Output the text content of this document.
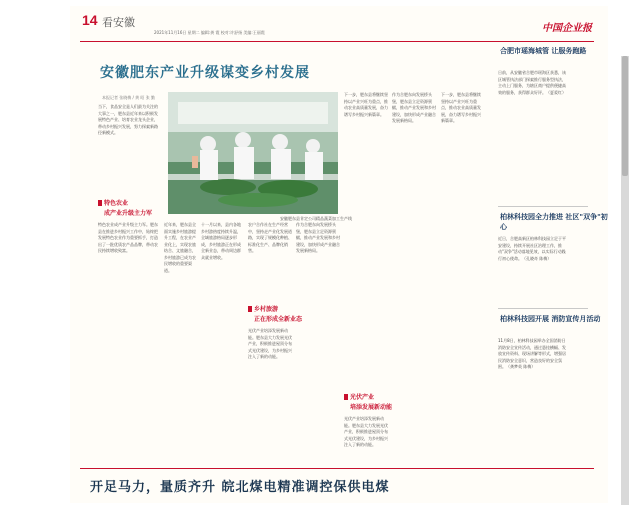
14 看安徽
2021年11月16日 星期二 编辑:龚 霞 校对:许舒扬 美编:王丽霞	中国企业报
安徽肥东产业升级谋变乡村发展
本报记者 张晓梅 / 黄 昭 张 勤
当下，食品安全是人们最为关注的大事之一，肥东县近年来以积极发展特色产业、培育农业龙头企业，带动乡村振兴发展，努力探索新路径新模式。
特色农业
成产业升级主力军
特色农业成产业升级主力军。肥东县在推进乡村振兴工作中，始终把发展特色农业作为重要抓手，打造出了一批优质农产品品牌，带动农民持续增收致富。
安徽肥东县肯定公司精品蔬菜加工生产线
近年来，肥东县全面实施乡村旅游提升工程，在农业产业化上，实现农旅结合、文旅融合，乡村旅游已成为农民增收的重要渠道。
十一月以来，县内各地乡村游热度持续升温，全域旅游格局逐步形成，乡村旅游正在形成全新业态，带动周边群众就业增收。
农户合作社在生产经营中，坚持走产业化发展道路，实现了规模化种植、标准化生产、品牌化销售。
乡村旅游
正在形成全新业态
光伏产业培添发展新动能。肥东县大力发展光伏产业，积极推进屋顶分布式光伏建设，为乡村振兴注入了新的动能。
作为合肥东向发展桥头堡，肥东县立足资源禀赋，推动产业发展和乡村建设，加快形成产业融合发展新格局。
下一步，肥东县将继续坚持以产业兴旺为重点，推动农业高质量发展，奋力谱写乡村振兴新篇章。
光伏产业
培添发展新动能
光伏产业培添发展新动能。肥东县大力发展光伏产业，积极推进屋顶分布式光伏建设，为乡村振兴注入了新的动能。
作为合肥东向发展桥头堡，肥东县立足资源禀赋，推动产业发展和乡村建设，加快形成产业融合发展新格局。
下一步，肥东县将继续坚持以产业兴旺为重点，推动农业高质量发展，奋力谱写乡村振兴新篇章。
合肥市瑶海城管 让服务跑路
日前，从安徽省合肥市瑶海区获悉，该区城管执法部门探索推行服务型执法，主动上门服务，为辖区商户提供便捷高效的服务，获得群众好评。（夏爱红）
柏林科技园全力推进 社区"双争"初心
近日，合肥高新区柏林科技园立足于平安建设，持续开展社区治理工作，推动"双争"活动落地见效，以实际行动践行初心使命。（孔晓奇 陈梅）
柏林科技园开展 消防宣传月活动
11月8日，柏林科技园举办全国消防日消防安全宣传活动，通过悬挂横幅、发放宣传资料、现场讲解等形式，增强居民消防安全意识，营造良好的安全氛围。（龚梦英 陈梅）
开足马力，量质齐升 皖北煤电精准调控保供电煤
